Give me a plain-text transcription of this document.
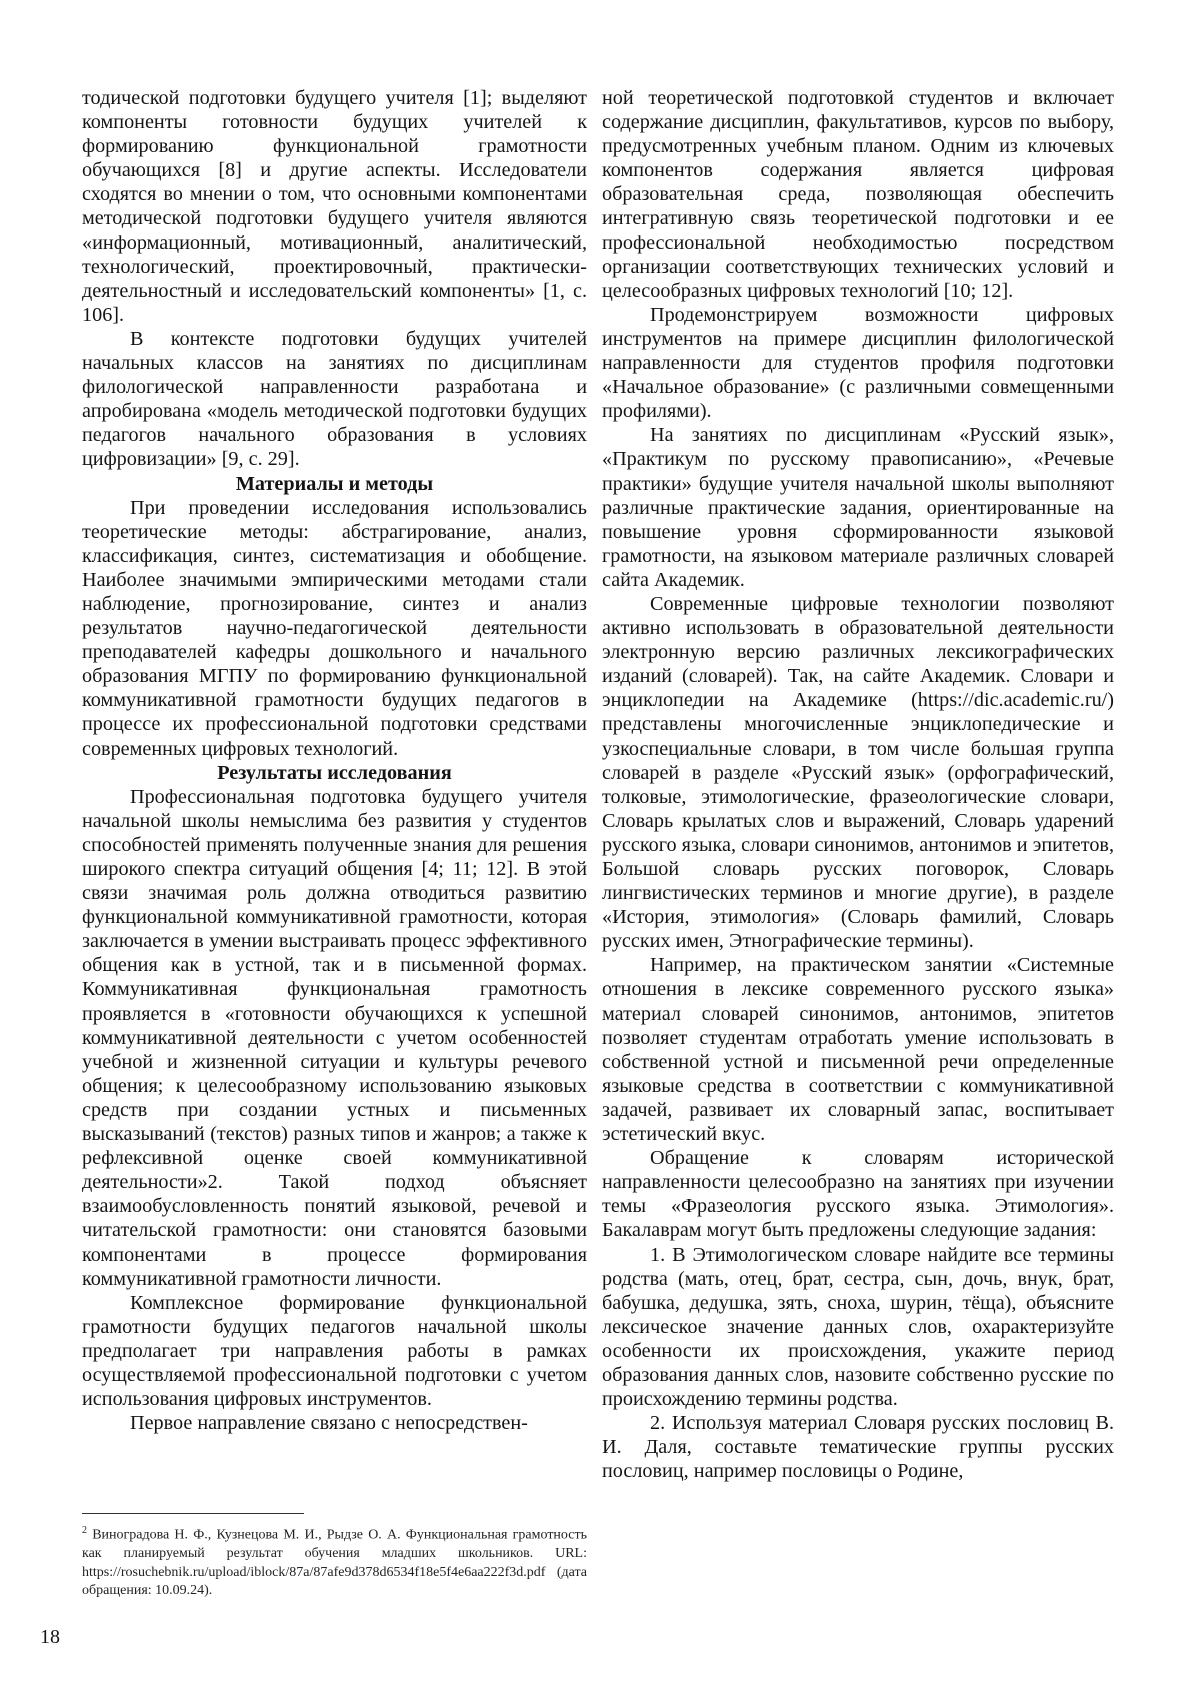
тодической подготовки будущего учителя [1]; выделяют компоненты готовности будущих учителей к формированию функциональной грамотности обучающихся [8] и другие аспекты. Исследователи сходятся во мнении о том, что основными компонентами методической подготовки будущего учителя являются «информационный, мотивационный, аналитический, технологический, проектировочный, практически-деятельностный и исследовательский компоненты» [1, с. 106].

В контексте подготовки будущих учителей начальных классов на занятиях по дисциплинам филологической направленности разработана и апробирована «модель методической подготовки будущих педагогов начального образования в условиях цифровизации» [9, с. 29].

Материалы и методы

При проведении исследования использовались теоретические методы: абстрагирование, анализ, классификация, синтез, систематизация и обобщение. Наиболее значимыми эмпирическими методами стали наблюдение, прогнозирование, синтез и анализ результатов научно-педагогической деятельности преподавателей кафедры дошкольного и начального образования МГПУ по формированию функциональной коммуникативной грамотности будущих педагогов в процессе их профессиональной подготовки средствами современных цифровых технологий.

Результаты исследования

Профессиональная подготовка будущего учителя начальной школы немыслима без развития у студентов способностей применять полученные знания для решения широкого спектра ситуаций общения [4; 11; 12]. В этой связи значимая роль должна отводиться развитию функциональной коммуникативной грамотности, которая заключается в умении выстраивать процесс эффективного общения как в устной, так и в письменной формах. Коммуникативная функциональная грамотность проявляется в «готовности обучающихся к успешной коммуникативной деятельности с учетом особенностей учебной и жизненной ситуации и культуры речевого общения; к целесообразному использованию языковых средств при создании устных и письменных высказываний (текстов) разных типов и жанров; а также к рефлексивной оценке своей коммуникативной деятельности»2. Такой подход объясняет взаимообусловленность понятий языковой, речевой и читательской грамотности: они становятся базовыми компонентами в процессе формирования коммуникативной грамотности личности.

Комплексное формирование функциональной грамотности будущих педагогов начальной школы предполагает три направления работы в рамках осуществляемой профессиональной подготовки с учетом использования цифровых инструментов.

Первое направление связано с непосредствен-

$^2$ Виноградова Н. Ф., Кузнецова М. И., Рыдзе О. А. Функциональная грамотность как планируемый результат обучения младших школьников. URL: https://rosuchebnik.ru/upload/iblock/87a/87afe9d378d6534f18e5f4e6aa222f3d.pdf (дата обращения: 10.09.24).

ной теоретической подготовкой студентов и включает содержание дисциплин, факультативов, курсов по выбору, предусмотренных учебным планом. Одним из ключевых компонентов содержания является цифровая образовательная среда, позволяющая обеспечить интегративную связь теоретической подготовки и ее профессиональной необходимостью посредством организации соответствующих технических условий и целесообразных цифровых технологий [10; 12].

Продемонстрируем возможности цифровых инструментов на примере дисциплин филологической направленности для студентов профиля подготовки «Начальное образование» (с различными совмещенными профилями).

На занятиях по дисциплинам «Русский язык», «Практикум по русскому правописанию», «Речевые практики» будущие учителя начальной школы выполняют различные практические задания, ориентированные на повышение уровня сформированности языковой грамотности, на языковом материале различных словарей сайта Академик.

Современные цифровые технологии позволяют активно использовать в образовательной деятельности электронную версию различных лексикографических изданий (словарей). Так, на сайте Академик. Словари и энциклопедии на Академике (https://dic.academic.ru/) представлены многочисленные энциклопедические и узкоспециальные словари, в том числе большая группа словарей в разделе «Русский язык» (орфографический, толковые, этимологические, фразеологические словари, Словарь крылатых слов и выражений, Словарь ударений русского языка, словари синонимов, антонимов и эпитетов, Большой словарь русских поговорок, Словарь лингвистических терминов и многие другие), в разделе «История, этимология» (Словарь фамилий, Словарь русских имен, Этнографические термины).

Например, на практическом занятии «Системные отношения в лексике современного русского языка» материал словарей синонимов, антонимов, эпитетов позволяет студентам отработать умение использовать в собственной устной и письменной речи определенные языковые средства в соответствии с коммуникативной задачей, развивает их словарный запас, воспитывает эстетический вкус.

Обращение к словарям исторической направленности целесообразно на занятиях при изучении темы «Фразеология русского языка. Этимология». Бакалаврам могут быть предложены следующие задания:

1. В Этимологическом словаре найдите все термины родства (мать, отец, брат, сестра, сын, дочь, внук, брат, бабушка, дедушка, зять, сноха, шурин, тёща), объясните лексическое значение данных слов, охарактеризуйте особенности их происхождения, укажите период образования данных слов, назовите собственно русские по происхождению термины родства.

2. Используя материал Словаря русских пословиц В. И. Даля, составьте тематические группы русских пословиц, например пословицы о Родине,

18
